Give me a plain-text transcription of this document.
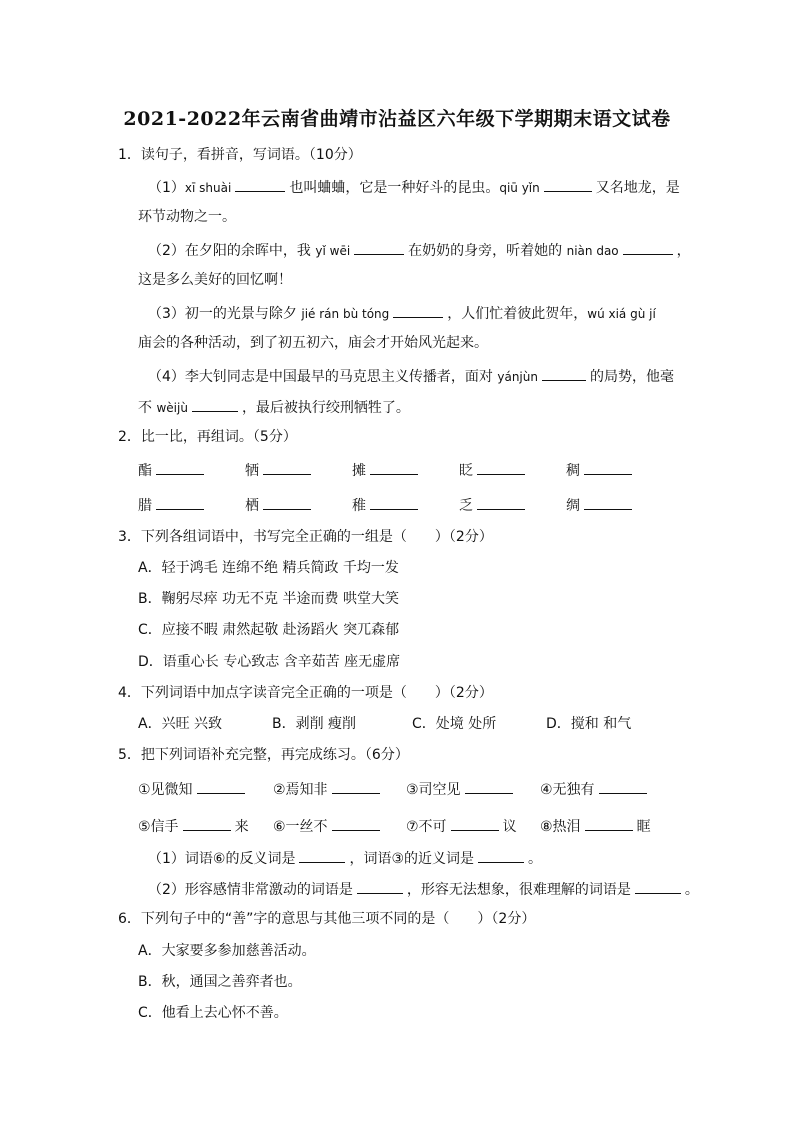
2021-2022年云南省曲靖市沾益区六年级下学期期末语文试卷
1．读句子，看拼音，写词语。（10分）
（1）xī shuài	也叫蛐蛐，它是一种好斗的昆虫。qiū yǐn	又名地龙，是
环节动物之一。
（2）在夕阳的余晖中，我 yǐ wēi	在奶奶的身旁，听着她的 niàn dao	，
这是多么美好的回忆啊！
（3）初一的光景与除夕 jié rán bù tóng	，人们忙着彼此贺年，wú xiá gù jí
庙会的各种活动，到了初五初六，庙会才开始风光起来。
（4）李大钊同志是中国最早的马克思主义传播者，面对 yánjùn	的局势，他毫
不 wèijù	，最后被执行绞刑牺牲了。
2．比一比，再组词。（5分）
酯	牺	摊	眨	稠
腊	栖	稚	乏	绸
3．下列各组词语中，书写完全正确的一组是（　　）（2分）
A．轻于鸿毛 连绵不绝 精兵简政 千均一发
B．鞠躬尽瘁 功无不克 半途而费 哄堂大笑
C．应接不暇 肃然起敬 赴汤蹈火 突兀森郁
D．语重心长 专心致志 含辛茹苦 座无虚席
4．下列词语中加点字读音完全正确的一项是（　　）（2分）
A．兴旺 兴致	B．剥削 瘦削	C．处境 处所	D．搅和 和气
5．把下列词语补充完整，再完成练习。（6分）
①见微知	②焉知非	③司空见	④无独有
⑤信手	来 ⑥一丝不	⑦不可	议 ⑧热泪	眶
（1）词语⑥的反义词是	，词语③的近义词是	。
（2）形容感情非常激动的词语是	，形容无法想象，很难理解的词语是	。
6．下列句子中的“善”字的意思与其他三项不同的是（　　）（2分）
A．大家要多参加慈善活动。
B．秋，通国之善弈者也。
C．他看上去心怀不善。
